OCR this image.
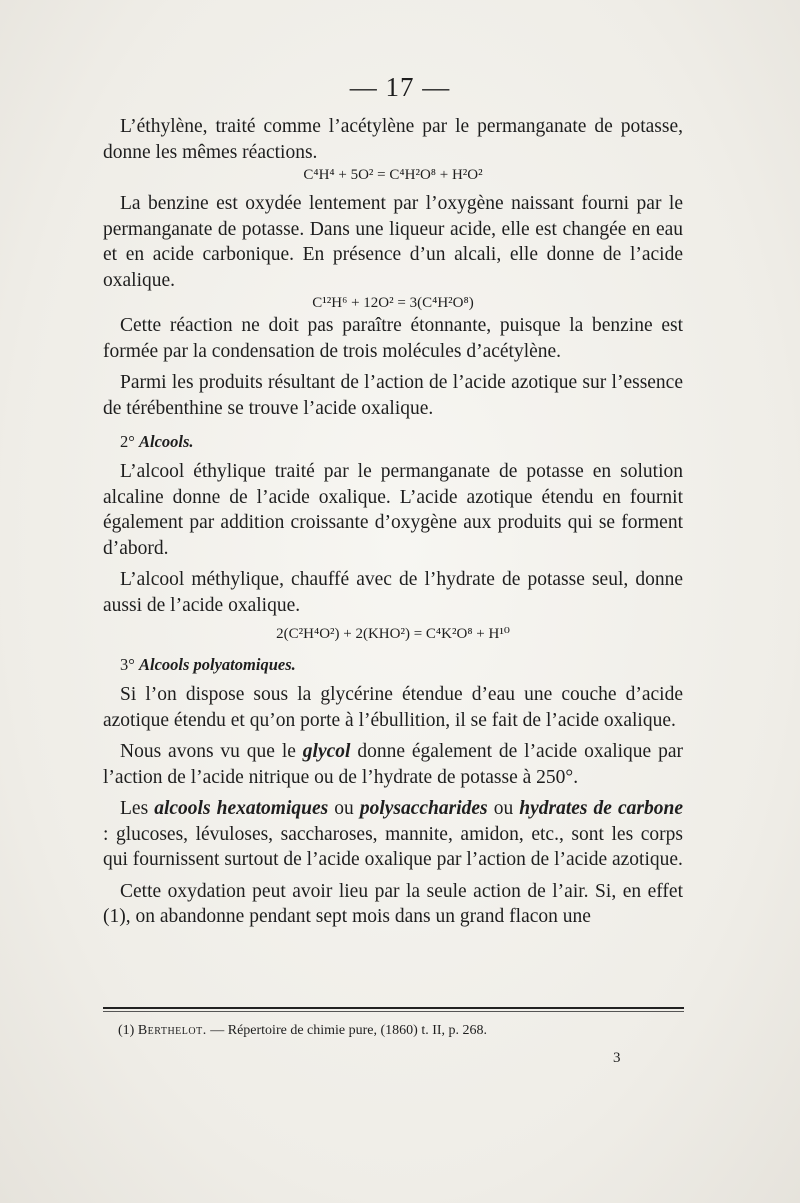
— 17 —

L’éthylène, traité comme l’acétylène par le permanganate de potasse, donne les mêmes réactions.

C⁴H⁴ + 5O² = C⁴H²O⁸ + H²O²

La benzine est oxydée lentement par l’oxygène naissant fourni par le permanganate de potasse. Dans une liqueur acide, elle est changée en eau et en acide carbonique. En présence d’un alcali, elle donne de l’acide oxalique.

C¹²H⁶ + 12O² = 3(C⁴H²O⁸)

Cette réaction ne doit pas paraître étonnante, puisque la benzine est formée par la condensation de trois molécules d’acétylène.

Parmi les produits résultant de l’action de l’acide azotique sur l’essence de térébenthine se trouve l’acide oxalique.

2° Alcools.

L’alcool éthylique traité par le permanganate de potasse en solution alcaline donne de l’acide oxalique. L’acide azotique étendu en fournit également par addition croissante d’oxygène aux produits qui se forment d’abord.

L’alcool méthylique, chauffé avec de l’hydrate de potasse seul, donne aussi de l’acide oxalique.

2(C²H⁴O²) + 2(KHO²) = C⁴K²O⁸ + H¹⁰

3° Alcools polyatomiques.

Si l’on dispose sous la glycérine étendue d’eau une couche d’acide azotique étendu et qu’on porte à l’ébullition, il se fait de l’acide oxalique.

Nous avons vu que le glycol donne également de l’acide oxalique par l’action de l’acide nitrique ou de l’hydrate de potasse à 250°.

Les alcools hexatomiques ou polysaccharides ou hydrates de carbone : glucoses, lévuloses, saccharoses, mannite, amidon, etc., sont les corps qui fournissent surtout de l’acide oxalique par l’action de l’acide azotique.

Cette oxydation peut avoir lieu par la seule action de l’air. Si, en effet (1), on abandonne pendant sept mois dans un grand flacon une

(1) Berthelot. — Répertoire de chimie pure, (1860) t. II, p. 268.
3
